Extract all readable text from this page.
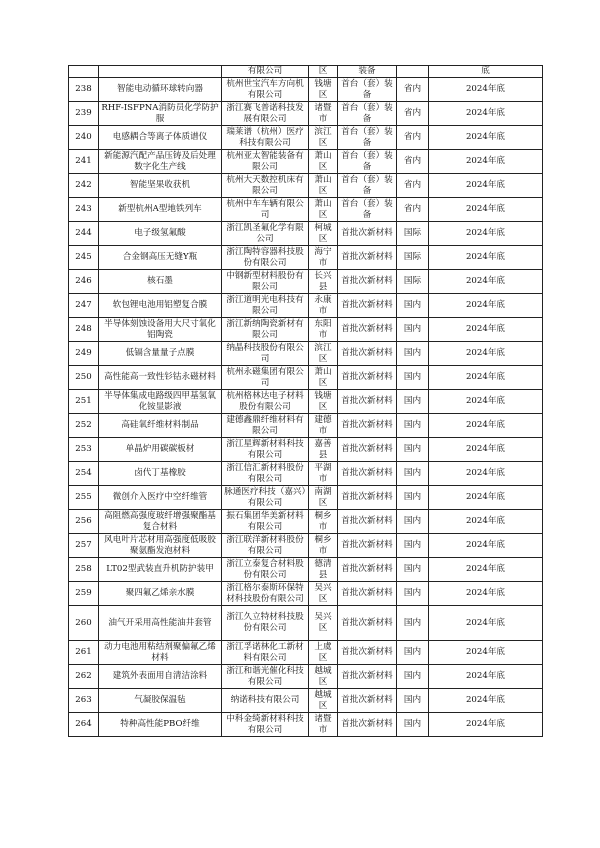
		有限公司	区	装备		底
238	智能电动循环球转向器	杭州世宝汽车方向机有限公司	钱塘区	首台（套）装备	省内	2024年底
239	RHF-ⅠSFPNA消防员化学防护服	浙江赛飞普诺科技发展有限公司	诸暨市	首台（套）装备	省内	2024年底
240	电感耦合等离子体质谱仪	瑞莱谱（杭州）医疗科技有限公司	滨江区	首台（套）装备	省内	2024年底
241	新能源汽配产品压铸及后处理数字化生产线	杭州亚太智能装备有限公司	萧山区	首台（套）装备	省内	2024年底
242	智能坚果收获机	杭州大天数控机床有限公司	萧山区	首台（套）装备	省内	2024年底
243	新型杭州A型地铁列车	杭州中车车辆有限公司	萧山区	首台（套）装备	省内	2024年底
244	电子级氢氟酸	浙江凯圣氟化学有限公司	柯城区	首批次新材料	国际	2024年底
245	合金钢高压无缝Y瓶	浙江陶特容器科技股份有限公司	海宁市	首批次新材料	国际	2024年底
246	核石墨	中钢新型材料股份有限公司	长兴县	首批次新材料	国际	2024年底
247	软包锂电池用铝塑复合膜	浙江道明光电科技有限公司	永康市	首批次新材料	国内	2024年底
248	半导体刻蚀设备用大尺寸氧化铝陶瓷	浙江新纳陶瓷新材有限公司	东阳市	首批次新材料	国内	2024年底
249	低镉含量量子点膜	纳晶科技股份有限公司	滨江区	首批次新材料	国内	2024年底
250	高性能高一致性钐钴永磁材料	杭州永磁集团有限公司	萧山区	首批次新材料	国内	2024年底
251	半导体集成电路级四甲基氢氧化铵显影液	杭州格林达电子材料股份有限公司	钱塘区	首批次新材料	国内	2024年底
252	高硅氧纤维材料制品	建德鑫鼎纤维材料有限公司	建德市	首批次新材料	国内	2024年底
253	单晶炉用碳碳板材	浙江星辉新材料科技有限公司	嘉善县	首批次新材料	国内	2024年底
254	卤代丁基橡胶	浙江信汇新材料股份有限公司	平湖市	首批次新材料	国内	2024年底
255	微创介入医疗中空纤维管	脉通医疗科技（嘉兴）有限公司	南湖区	首批次新材料	国内	2024年底
256	高阻燃高强度玻纤增强聚酯基复合材料	振石集团华美新材料有限公司	桐乡市	首批次新材料	国内	2024年底
257	风电叶片芯材用高强度低吸胶聚氨酯发泡材料	浙江联洋新材料股份有限公司	桐乡市	首批次新材料	国内	2024年底
258	LT02型武装直升机防护装甲	浙江立泰复合材料股份有限公司	德清县	首批次新材料	国内	2024年底
259	聚四氟乙烯亲水膜	浙江格尔泰斯环保特材科技股份有限公司	吴兴区	首批次新材料	国内	2024年底
260	油气开采用高性能油井套管	浙江久立特材科技股份有限公司	吴兴区	首批次新材料	国内	2024年底
261	动力电池用粘结剂聚偏氟乙烯材料	浙江孚诺林化工新材料有限公司	上虞区	首批次新材料	国内	2024年底
262	建筑外表面用自清洁涂料	浙江和谐光催化科技有限公司	越城区	首批次新材料	国内	2024年底
263	气凝胶保温毡	纳诺科技有限公司	越城区	首批次新材料	国内	2024年底
264	特种高性能PBO纤维	中科金绮新材料科技有限公司	诸暨市	首批次新材料	国内	2024年底
